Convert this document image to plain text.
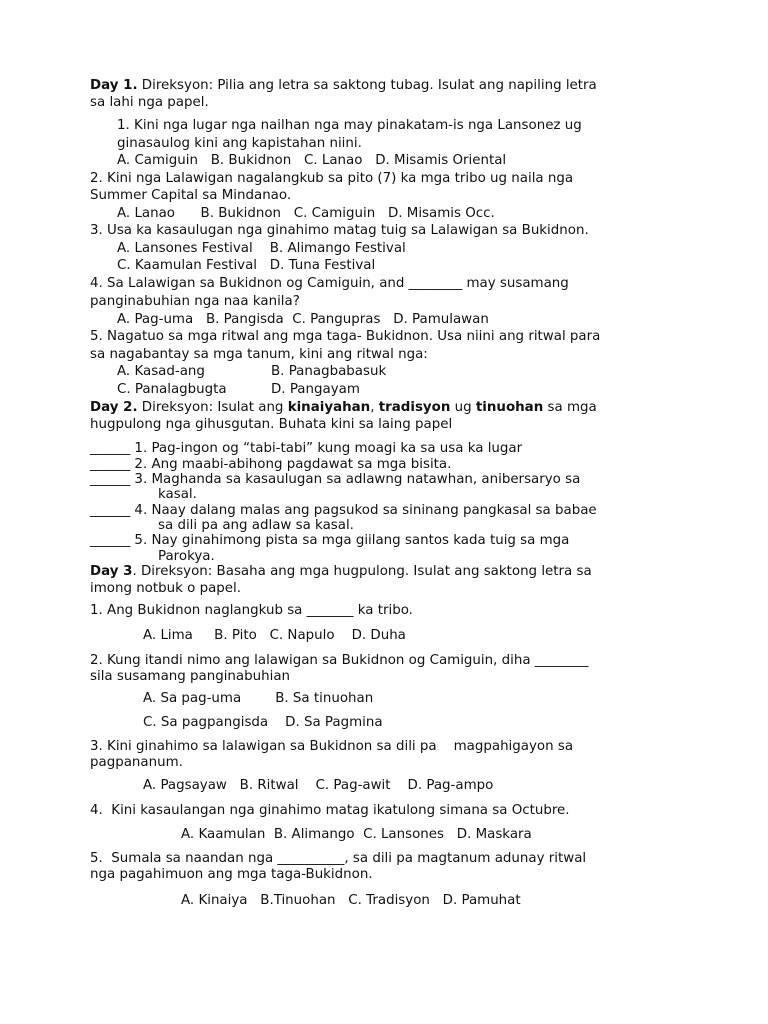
Day 1. Direksyon: Pilia ang letra sa saktong tubag. Isulat ang napiling letra
sa lahi nga papel.
1. Kini nga lugar nga nailhan nga may pinakatam-is nga Lansonez ug
ginasaulog kini ang kapistahan niini.
A. Camiguin   B. Bukidnon   C. Lanao   D. Misamis Oriental
2. Kini nga Lalawigan nagalangkub sa pito (7) ka mga tribo ug naila nga
Summer Capital sa Mindanao.
A. Lanao      B. Bukidnon   C. Camiguin   D. Misamis Occ.
3. Usa ka kasaulugan nga ginahimo matag tuig sa Lalawigan sa Bukidnon.
A. Lansones Festival    B. Alimango Festival
C. Kaamulan Festival   D. Tuna Festival
4. Sa Lalawigan sa Bukidnon og Camiguin, and ________ may susamang
panginabuhian nga naa kanila?
A. Pag-uma   B. Pangisda  C. Pangupras   D. Pamulawan
5. Nagatuo sa mga ritwal ang mga taga- Bukidnon. Usa niini ang ritwal para
sa nagabantay sa mga tanum, kini ang ritwal nga:
A. Kasad-ang	B. Panagbabasuk
C. Panalagbugta	D. Pangayam
Day 2. Direksyon: Isulat ang kinaiyahan, tradisyon ug tinuohan sa mga
hugpulong nga gihusgutan. Buhata kini sa laing papel
______ 1. Pag-ingon og “tabi-tabi” kung moagi ka sa usa ka lugar
______ 2. Ang maabi-abihong pagdawat sa mga bisita.
______ 3. Maghanda sa kasaulugan sa adlawng natawhan, anibersaryo sa
kasal.
______ 4. Naay dalang malas ang pagsukod sa sininang pangkasal sa babae
sa dili pa ang adlaw sa kasal.
______ 5. Nay ginahimong pista sa mga giilang santos kada tuig sa mga
Parokya.
Day 3. Direksyon: Basaha ang mga hugpulong. Isulat ang saktong letra sa
imong notbuk o papel.
1. Ang Bukidnon naglangkub sa _______ ka tribo.
A. Lima     B. Pito   C. Napulo    D. Duha
2. Kung itandi nimo ang lalawigan sa Bukidnon og Camiguin, diha ________
sila susamang panginabuhian
A. Sa pag-uma        B. Sa tinuohan
C. Sa pagpangisda    D. Sa Pagmina
3. Kini ginahimo sa lalawigan sa Bukidnon sa dili pa    magpahigayon sa
pagpananum.
A. Pagsayaw   B. Ritwal    C. Pag-awit    D. Pag-ampo
4.  Kini kasaulangan nga ginahimo matag ikatulong simana sa Octubre.
A. Kaamulan  B. Alimango  C. Lansones   D. Maskara
5.  Sumala sa naandan nga __________, sa dili pa magtanum adunay ritwal
nga pagahimuon ang mga taga-Bukidnon.
A. Kinaiya   B.Tinuohan   C. Tradisyon   D. Pamuhat
